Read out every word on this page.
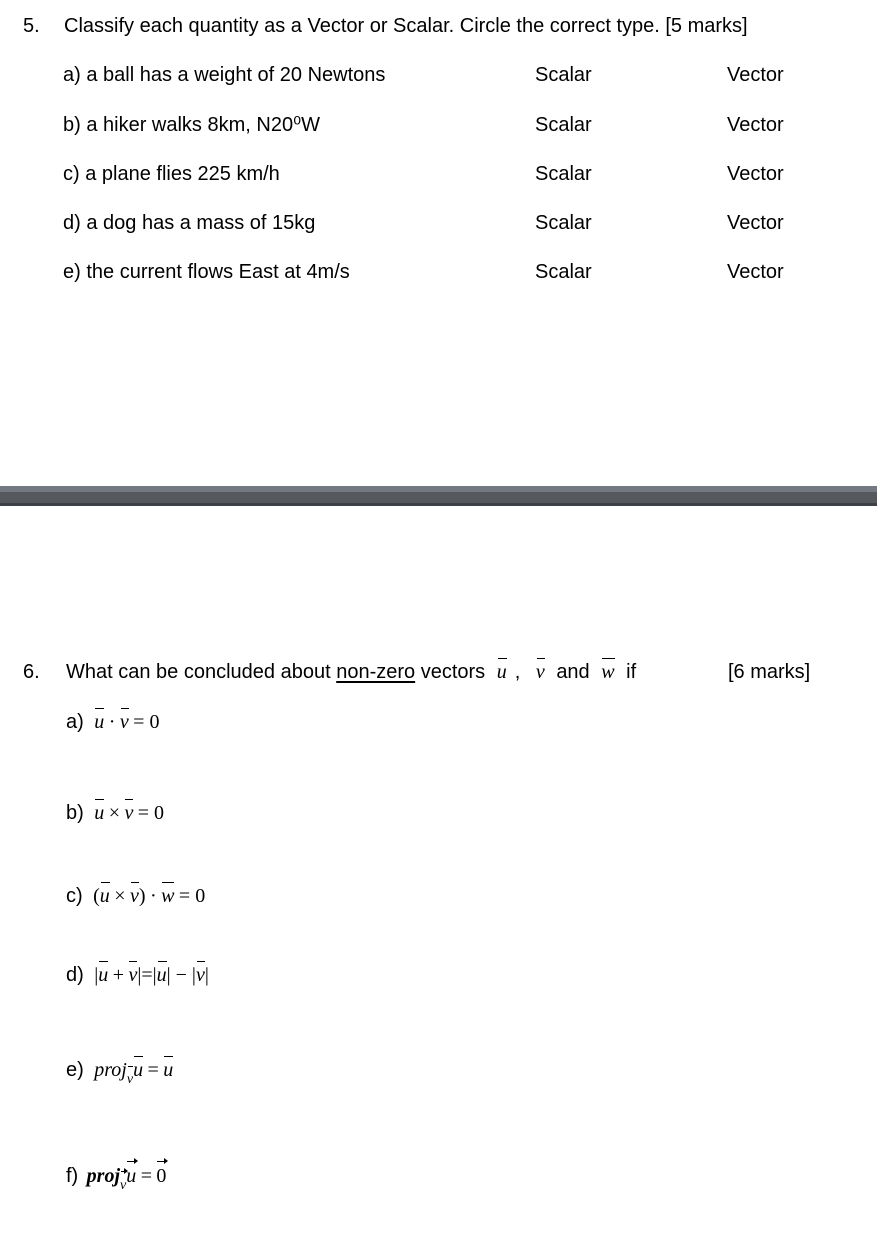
5. Classify each quantity as a Vector or Scalar. Circle the correct type. [5 marks]
a) a ball has a weight of 20 Newtons	Scalar	Vector
b) a hiker walks 8km, N20⁰W	Scalar	Vector
c) a plane flies 225 km/h	Scalar	Vector
d) a dog has a mass of 15kg	Scalar	Vector
e) the current flows East at 4m/s	Scalar	Vector
6. What can be concluded about non-zero vectors u , v and w if	[6 marks]
a) u · v = 0
b) u × v = 0
c) (u × v) · w = 0
d) |u + v|=|u| − |v|
e) projvu = u
f) projvu = 0
